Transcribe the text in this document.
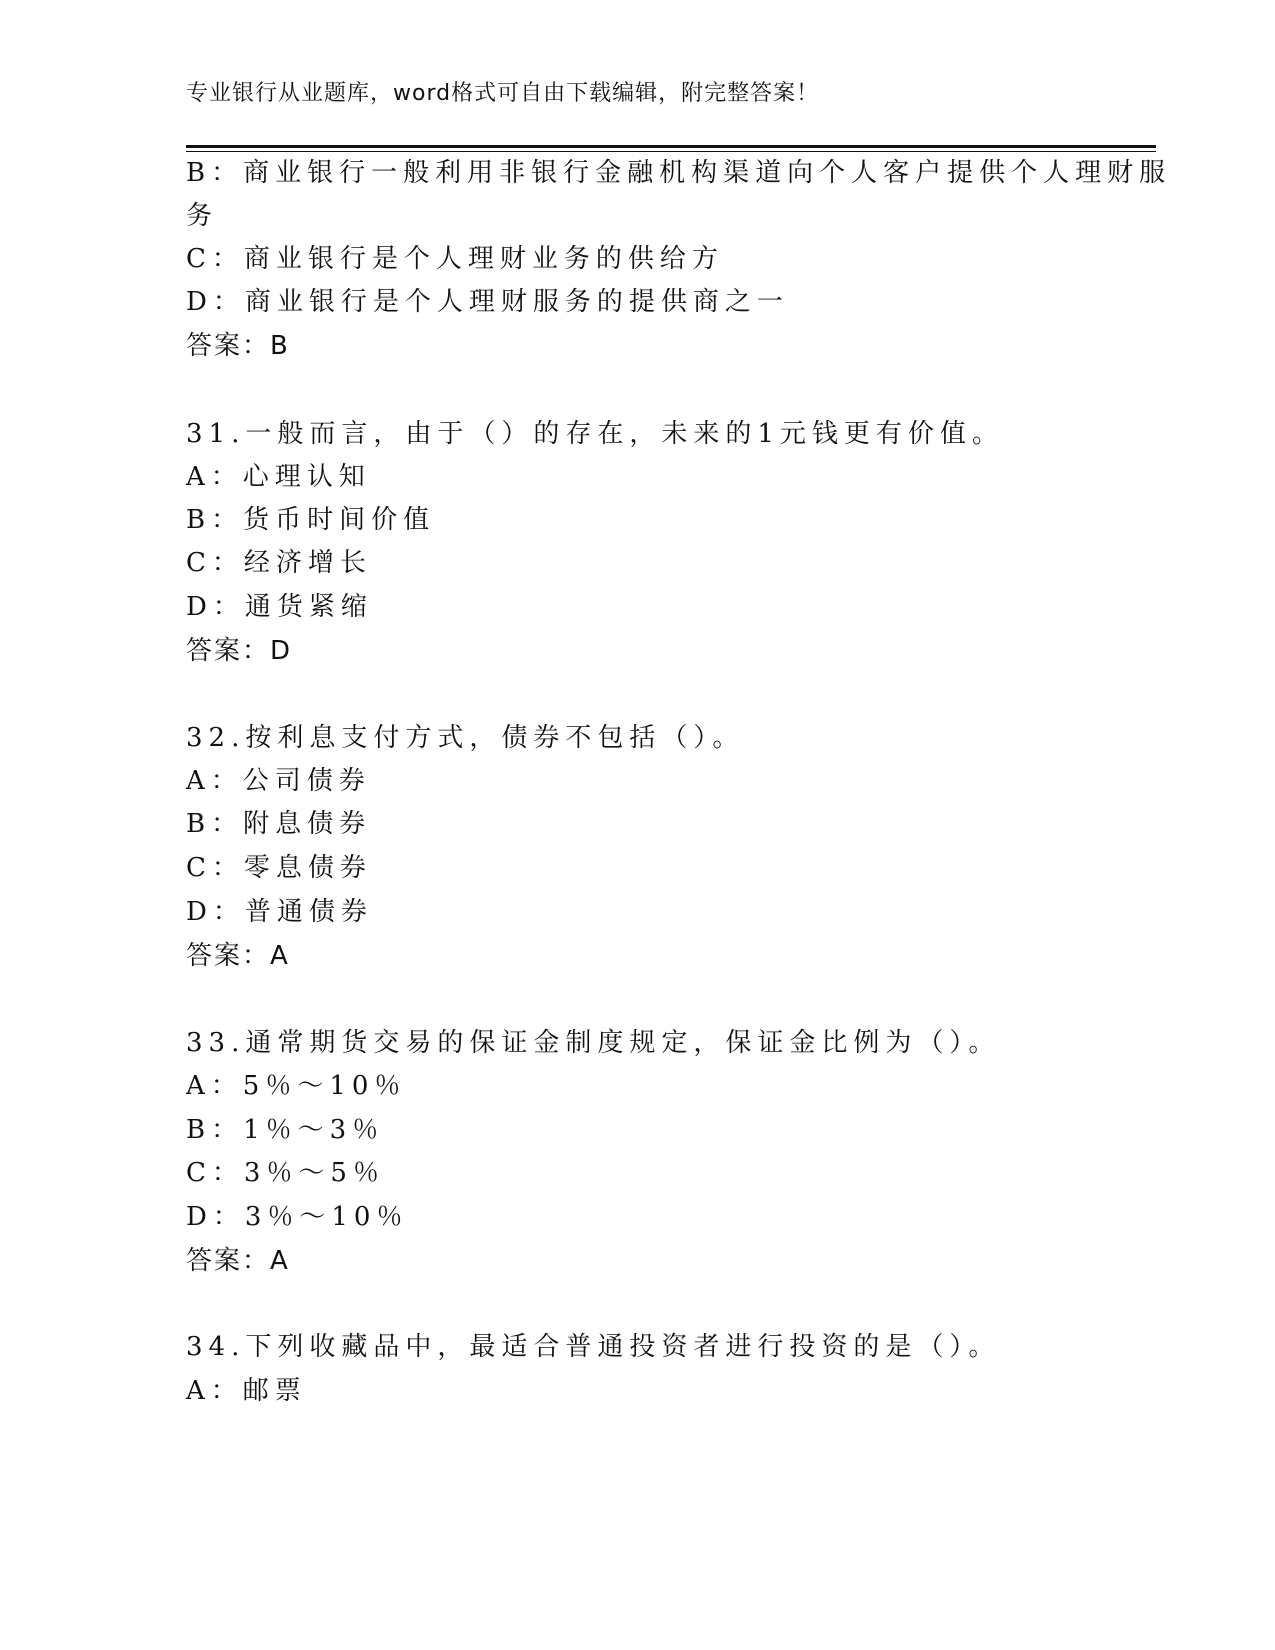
专业银行从业题库，word格式可自由下载编辑，附完整答案！
B：商业银行一般利用非银行金融机构渠道向个人客户提供个人理财服
务
C：商业银行是个人理财业务的供给方
D：商业银行是个人理财服务的提供商之一
答案：B
31.一般而言，由于（）的存在，未来的1元钱更有价值。
A：心理认知
B：货币时间价值
C：经济增长
D：通货紧缩
答案：D
32.按利息支付方式，债券不包括（）。
A：公司债券
B：附息债券
C：零息债券
D：普通债券
答案：A
33.通常期货交易的保证金制度规定，保证金比例为（）。
A：5％～10％
B：1％～3％
C：3％～5％
D：3％～10％
答案：A
34.下列收藏品中，最适合普通投资者进行投资的是（）。
A：邮票
